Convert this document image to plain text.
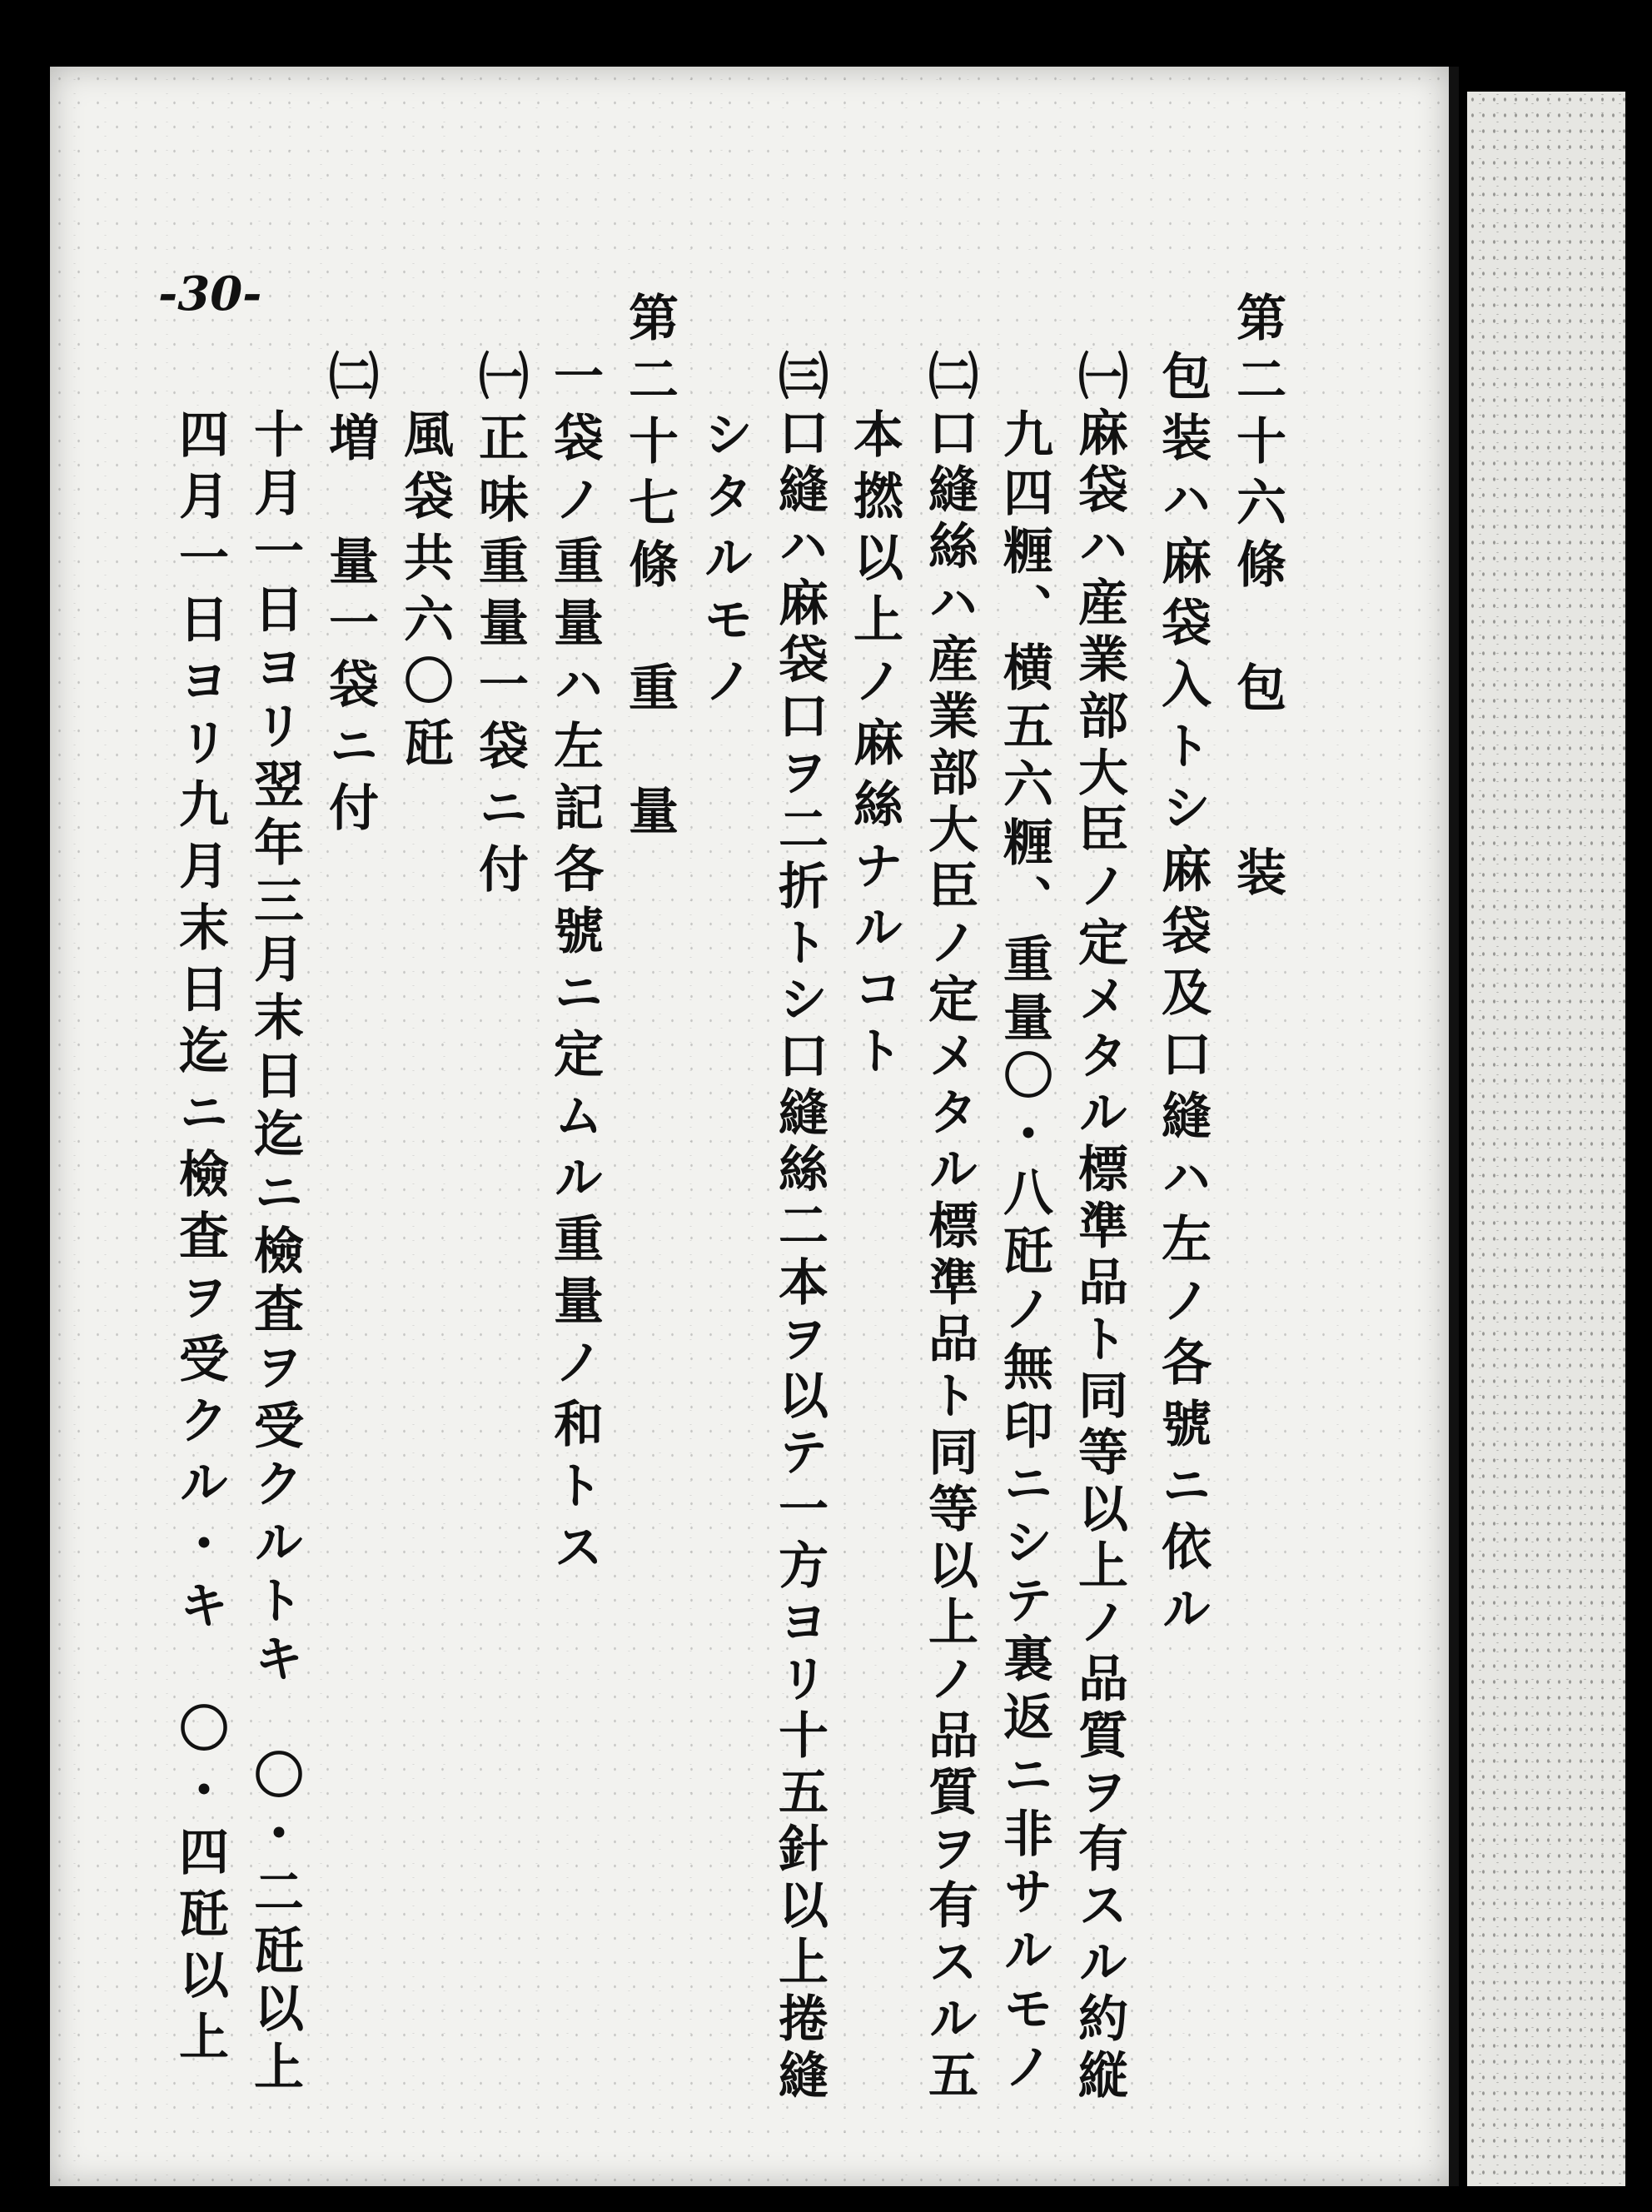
-30-	第二十六條　包　　装
包装ハ麻袋入トシ麻袋及口縫ハ左ノ各號ニ依ル
㈠麻袋ハ産業部大臣ノ定メタル標準品ト同等以上ノ品質ヲ有スル約縦
九四糎、横五六糎、重量〇・八瓩ノ無印ニシテ裏返ニ非サルモノ
㈡口縫絲ハ産業部大臣ノ定メタル標準品ト同等以上ノ品質ヲ有スル五
本撚以上ノ麻絲ナルコト
㈢口縫ハ麻袋口ヲ二折トシ口縫絲二本ヲ以テ一方ヨリ十五針以上捲縫
シタルモノ
第二十七條　重　量
一袋ノ重量ハ左記各號ニ定ムル重量ノ和トス
㈠正味重量一袋ニ付
風袋共六〇瓩
㈡増　量一袋ニ付
十月一日ヨリ翌年三月末日迄ニ檢査ヲ受クルトキ　〇・二瓩以上
四月一日ヨリ九月末日迄ニ檢査ヲ受クル・キ　〇・四瓩以上
